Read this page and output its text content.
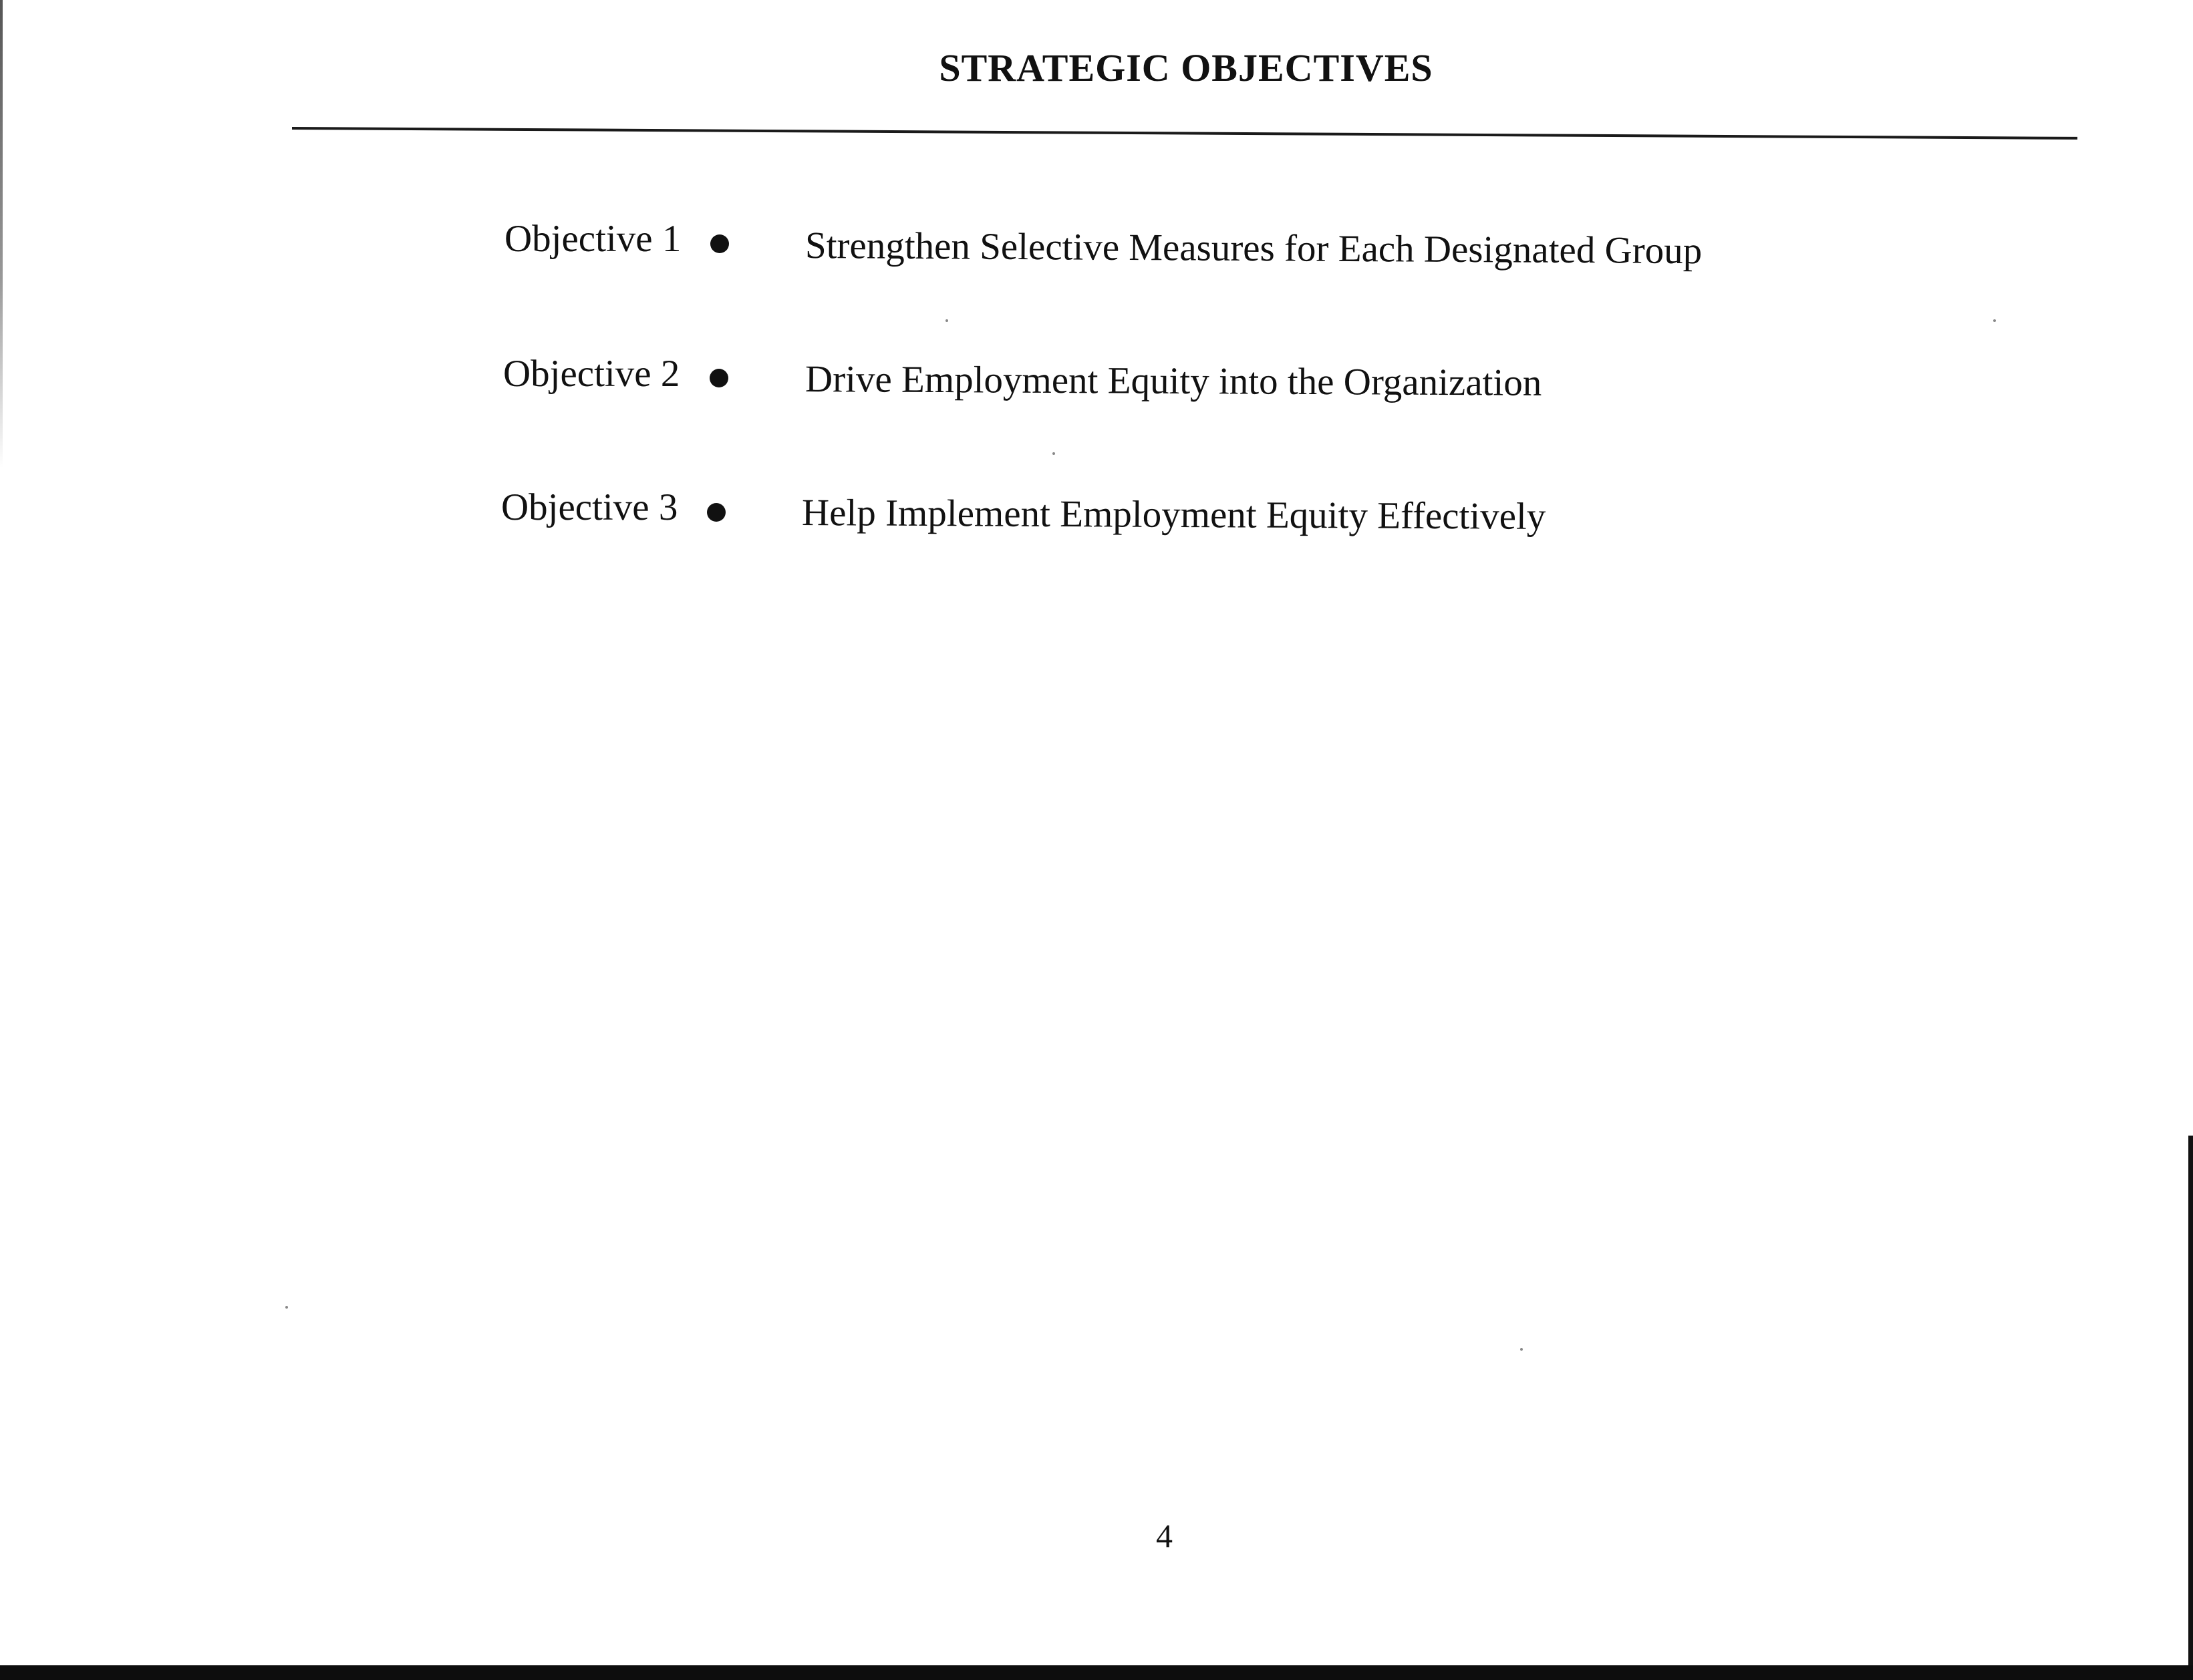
STRATEGIC OBJECTIVES
Objective 1	Strengthen Selective Measures for Each Designated Group
Objective 2	Drive Employment Equity into the Organization
Objective 3	Help Implement Employment Equity Effectively
4
